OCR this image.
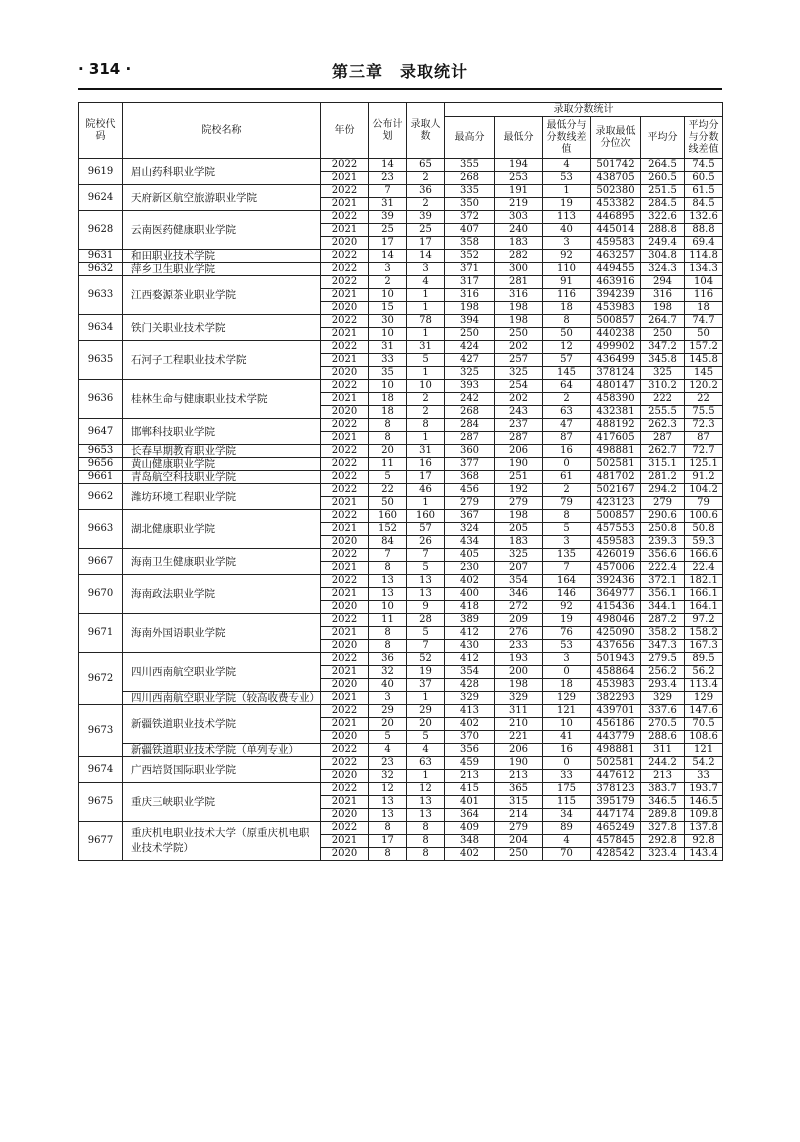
· 314 ·	第三章　录取统计
院校代码	院校名称	年份	公布计划	录取人数	录取分数统计					
					最高分	最低分	最低分与分数线差值	录取最低分位次	平均分	平均分与分数线差值
9619	眉山药科职业学院	2022	14	65	355	194	4	501742	264.5	74.5
		2021	23	2	268	253	53	438705	260.5	60.5
9624	天府新区航空旅游职业学院	2022	7	36	335	191	1	502380	251.5	61.5
		2021	31	2	350	219	19	453382	284.5	84.5
9628	云南医药健康职业学院	2022	39	39	372	303	113	446895	322.6	132.6
		2021	25	25	407	240	40	445014	288.8	88.8
		2020	17	17	358	183	3	459583	249.4	69.4
9631	和田职业技术学院	2022	14	14	352	282	92	463257	304.8	114.8
9632	萍乡卫生职业学院	2022	3	3	371	300	110	449455	324.3	134.3
9633	江西婺源茶业职业学院	2022	2	4	317	281	91	463916	294	104
		2021	10	1	316	316	116	394239	316	116
		2020	15	1	198	198	18	453983	198	18
9634	铁门关职业技术学院	2022	30	78	394	198	8	500857	264.7	74.7
		2021	10	1	250	250	50	440238	250	50
9635	石河子工程职业技术学院	2022	31	31	424	202	12	499902	347.2	157.2
		2021	33	5	427	257	57	436499	345.8	145.8
		2020	35	1	325	325	145	378124	325	145
9636	桂林生命与健康职业技术学院	2022	10	10	393	254	64	480147	310.2	120.2
		2021	18	2	242	202	2	458390	222	22
		2020	18	2	268	243	63	432381	255.5	75.5
9647	邯郸科技职业学院	2022	8	8	284	237	47	488192	262.3	72.3
		2021	8	1	287	287	87	417605	287	87
9653	长春早期教育职业学院	2022	20	31	360	206	16	498881	262.7	72.7
9656	黄山健康职业学院	2022	11	16	377	190	0	502581	315.1	125.1
9661	青岛航空科技职业学院	2022	5	17	368	251	61	481702	281.2	91.2
9662	潍坊环境工程职业学院	2022	22	46	456	192	2	502167	294.2	104.2
		2021	50	1	279	279	79	423123	279	79
9663	湖北健康职业学院	2022	160	160	367	198	8	500857	290.6	100.6
		2021	152	57	324	205	5	457553	250.8	50.8
		2020	84	26	434	183	3	459583	239.3	59.3
9667	海南卫生健康职业学院	2022	7	7	405	325	135	426019	356.6	166.6
		2021	8	5	230	207	7	457006	222.4	22.4
9670	海南政法职业学院	2022	13	13	402	354	164	392436	372.1	182.1
		2021	13	13	400	346	146	364977	356.1	166.1
		2020	10	9	418	272	92	415436	344.1	164.1
9671	海南外国语职业学院	2022	11	28	389	209	19	498046	287.2	97.2
		2021	8	5	412	276	76	425090	358.2	158.2
		2020	8	7	430	233	53	437656	347.3	167.3
9672	四川西南航空职业学院	2022	36	52	412	193	3	501943	279.5	89.5
		2021	32	19	354	200	0	458864	256.2	56.2
		2020	40	37	428	198	18	453983	293.4	113.4
	四川西南航空职业学院（较高收费专业）	2021	3	1	329	329	129	382293	329	129
9673	新疆铁道职业技术学院	2022	29	29	413	311	121	439701	337.6	147.6
		2021	20	20	402	210	10	456186	270.5	70.5
		2020	5	5	370	221	41	443779	288.6	108.6
	新疆铁道职业技术学院（单列专业）	2022	4	4	356	206	16	498881	311	121
9674	广西培贤国际职业学院	2022	23	63	459	190	0	502581	244.2	54.2
		2020	32	1	213	213	33	447612	213	33
9675	重庆三峡职业学院	2022	12	12	415	365	175	378123	383.7	193.7
		2021	13	13	401	315	115	395179	346.5	146.5
		2020	13	13	364	214	34	447174	289.8	109.8
9677	重庆机电职业技术大学（原重庆机电职业技术学院）	2022	8	8	409	279	89	465249	327.8	137.8
		2021	17	8	348	204	4	457845	292.8	92.8
		2020	8	8	402	250	70	428542	323.4	143.4
